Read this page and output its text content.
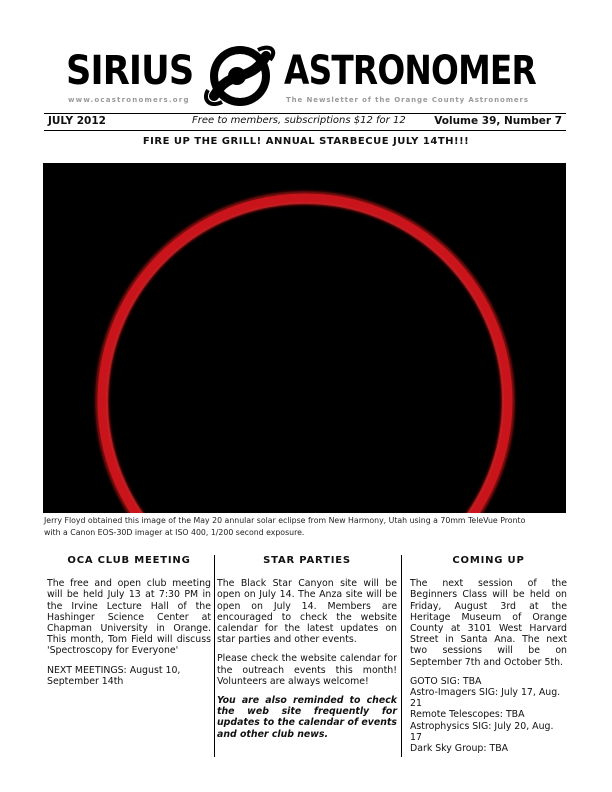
SIRIUS ASTRONOMER
www.ocastronomers.org	The Newsletter of the Orange County Astronomers
JULY 2012	Free to members, subscriptions $12 for 12	Volume 39, Number 7
FIRE UP THE GRILL! ANNUAL STARBECUE JULY 14TH!!!
Jerry Floyd obtained this image of the May 20 annular solar eclipse from New Harmony, Utah using a 70mm TeleVue Pronto
with a Canon EOS-30D imager at ISO 400, 1/200 second exposure.
OCA CLUB MEETING

The free and open club meeting will be held July 13 at 7:30 PM in the Irvine Lecture Hall of the Hashinger Science Center at Chapman University in Orange. This month, Tom Field will discuss 'Spectroscopy for Everyone'

NEXT MEETINGS: August 10, September 14th

STAR PARTIES

The Black Star Canyon site will be open on July 14. The Anza site will be open on July 14. Members are encouraged to check the website calendar for the latest updates on star parties and other events.

Please check the website calendar for the outreach events this month! Volunteers are always welcome!

You are also reminded to check the web site frequently for updates to the calendar of events and other club news.

COMING UP

The next session of the Beginners Class will be held on Friday, August 3rd at the Heritage Museum of Orange County at 3101 West Harvard Street in Santa Ana. The next two sessions will be on September 7th and October 5th.

GOTO SIG: TBA
Astro-Imagers SIG: July 17, Aug. 21
Remote Telescopes: TBA
Astrophysics SIG: July 20, Aug. 17
Dark Sky Group: TBA
